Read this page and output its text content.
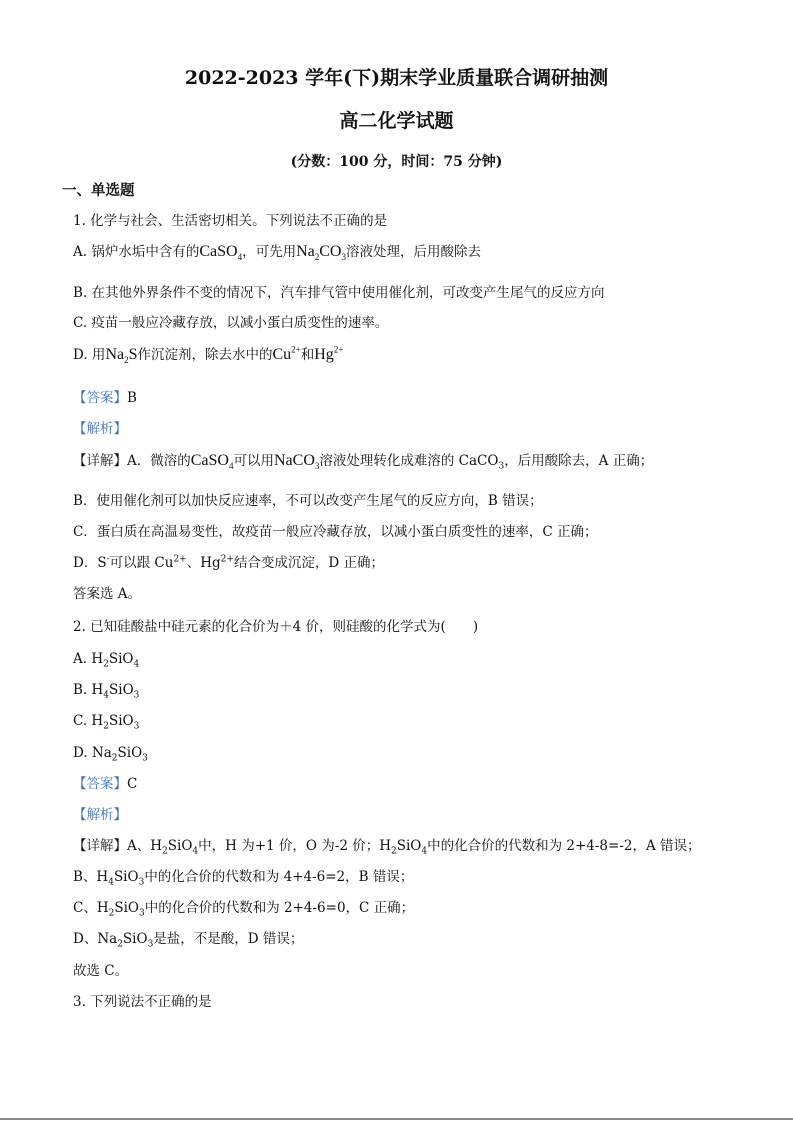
2022-2023 学年(下)期末学业质量联合调研抽测
高二化学试题
(分数：100 分，时间：75 分钟)
一、单选题
1. 化学与社会、生活密切相关。下列说法不正确的是
A. 锅炉水垢中含有的CaSO$_4$，可先用$Na_2CO_3$溶液处理，后用酸除去
B. 在其他外界条件不变的情况下，汽车排气管中使用催化剂，可改变产生尾气的反应方向
C. 疫苗一般应冷藏存放，以减小蛋白质变性的速率。
D. 用$Na_2S$作沉淀剂，除去水中的$Cu^{2+}$和$Hg^{2+}$
【答案】B
【解析】
【详解】A．微溶的CaSO$_4$可以用NaCO$_3$溶液处理转化成难溶的 CaCO$_3$，后用酸除去，A 正确；
B．使用催化剂可以加快反应速率，不可以改变产生尾气的反应方向，B 错误；
C．蛋白质在高温易变性，故疫苗一般应冷藏存放，以减小蛋白质变性的速率，C 正确；
D．S-可以跟 $Cu^{2+}$、$Hg^{2+}$结合变成沉淀，D 正确；
答案选 A。
2. 已知硅酸盐中硅元素的化合价为＋4 价，则硅酸的化学式为(　　)
A. $H_2SiO_4$
B. $H_4SiO_3$
C. $H_2SiO_3$
D. $Na_2SiO_3$
【答案】C
【解析】
【详解】A、$H_2SiO_4$中，H 为+1 价，O 为-2 价；$H_2SiO_4$中的化合价的代数和为 2+4-8=-2，A 错误；
B、$H_4SiO_3$中的化合价的代数和为 4+4-6=2，B 错误；
C、$H_2SiO_3$中的化合价的代数和为 2+4-6=0，C 正确；
D、$Na_2SiO_3$是盐，不是酸，D 错误；
故选 C。
3. 下列说法不正确的是
